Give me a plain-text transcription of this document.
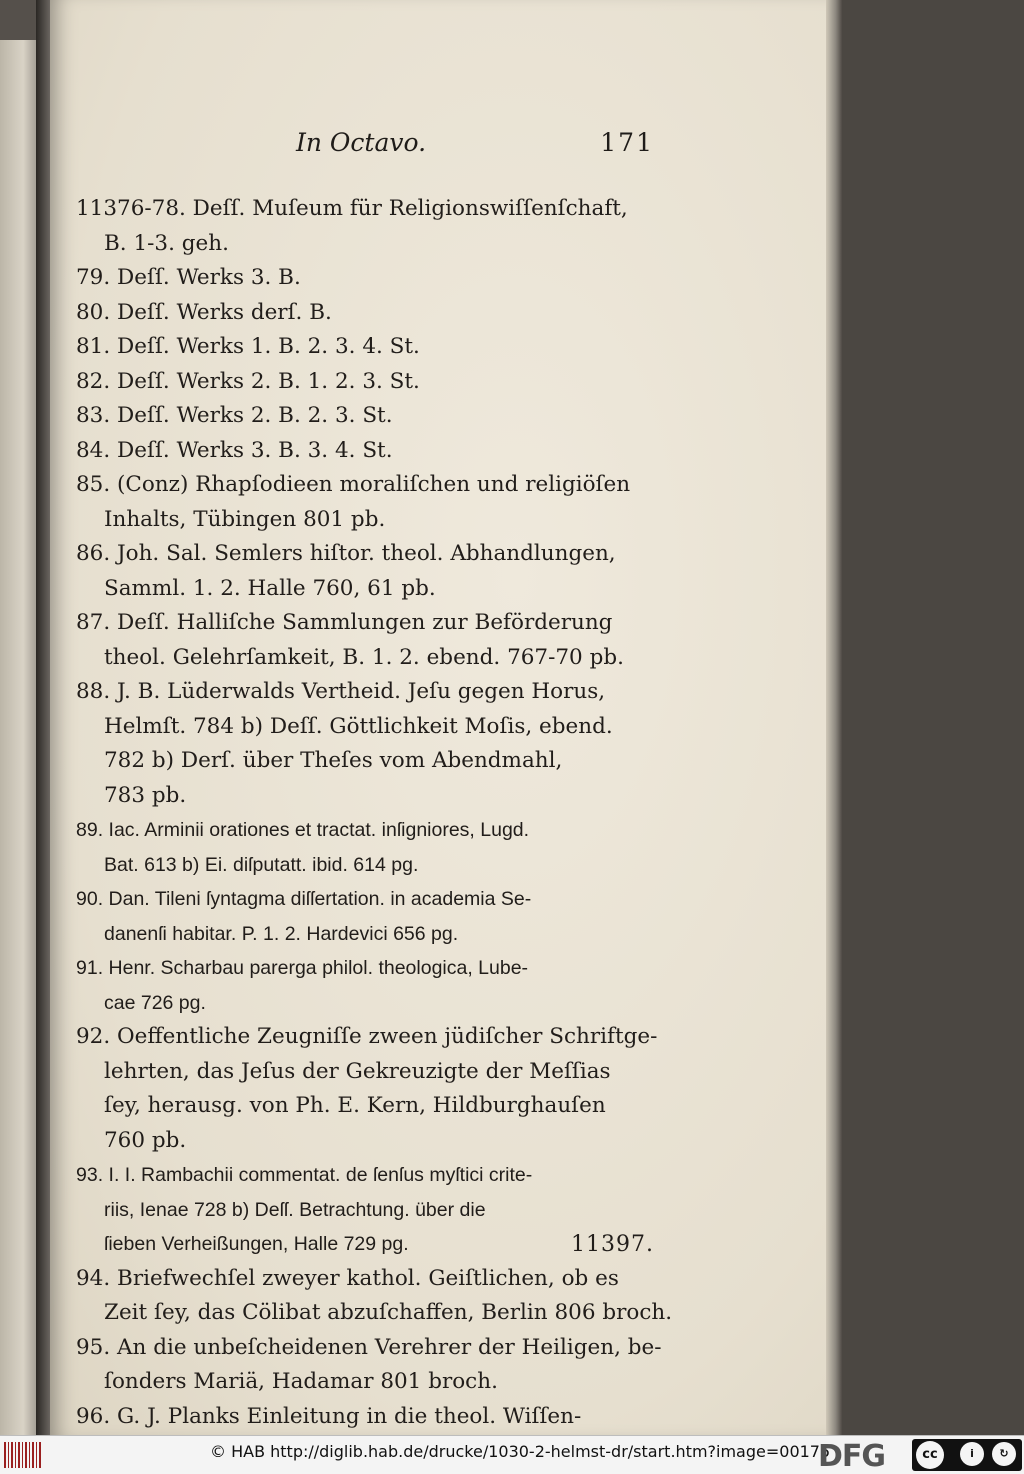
In Octavo.	171
11376-78. Deſſ. Muſeum für Religionswiſſenſchaft,
B. 1-3. geh.
79. Deſſ. Werks 3. B.
80. Deſſ. Werks derſ. B.
81. Deſſ. Werks 1. B. 2. 3. 4. St.
82. Deſſ. Werks 2. B. 1. 2. 3. St.
83. Deſſ. Werks 2. B. 2. 3. St.
84. Deſſ. Werks 3. B. 3. 4. St.
85. (Conz) Rhapſodieen moraliſchen und religiöſen
Inhalts, Tübingen 801 pb.
86. Joh. Sal. Semlers hiſtor. theol. Abhandlungen,
Samml. 1. 2. Halle 760, 61 pb.
87. Deſſ. Halliſche Sammlungen zur Beförderung
theol. Gelehrſamkeit, B. 1. 2. ebend. 767-70 pb.
88. J. B. Lüderwalds Vertheid. Jeſu gegen Horus,
Helmſt. 784 b) Deſſ. Göttlichkeit Moſis, ebend.
782 b) Derſ. über Theſes vom Abendmahl,
783 pb.
89. Iac. Arminii orationes et tractat. inſigniores, Lugd.
Bat. 613 b) Ei. diſputatt. ibid. 614 pg.
90. Dan. Tileni ſyntagma diſſertation. in academia Se-
danenſi habitar. P. 1. 2. Hardevici 656 pg.
91. Henr. Scharbau parerga philol. theologica, Lube-
cae 726 pg.
92. Oeffentliche Zeugniſſe zween jüdiſcher Schriftge-
lehrten, das Jeſus der Gekreuzigte der Meſſias
ſey, herausg. von Ph. E. Kern, Hildburghauſen
760 pb.
93. I. I. Rambachii commentat. de ſenſus myſtici crite-
riis, Ienae 728 b) Deſſ. Betrachtung. über die
ſieben Verheißungen, Halle 729 pg.
94. Briefwechſel zweyer kathol. Geiſtlichen, ob es
Zeit ſey, das Cölibat abzuſchaffen, Berlin 806 broch.
95. An die unbeſcheidenen Verehrer der Heiligen, be-
ſonders Mariä, Hadamar 801 broch.
96. G. J. Planks Einleitung in die theol. Wiſſen-
11397.
© HAB http://diglib.hab.de/drucke/1030-2-helmst-dr/start.htm?image=00175
DFG	cc	i	↻
